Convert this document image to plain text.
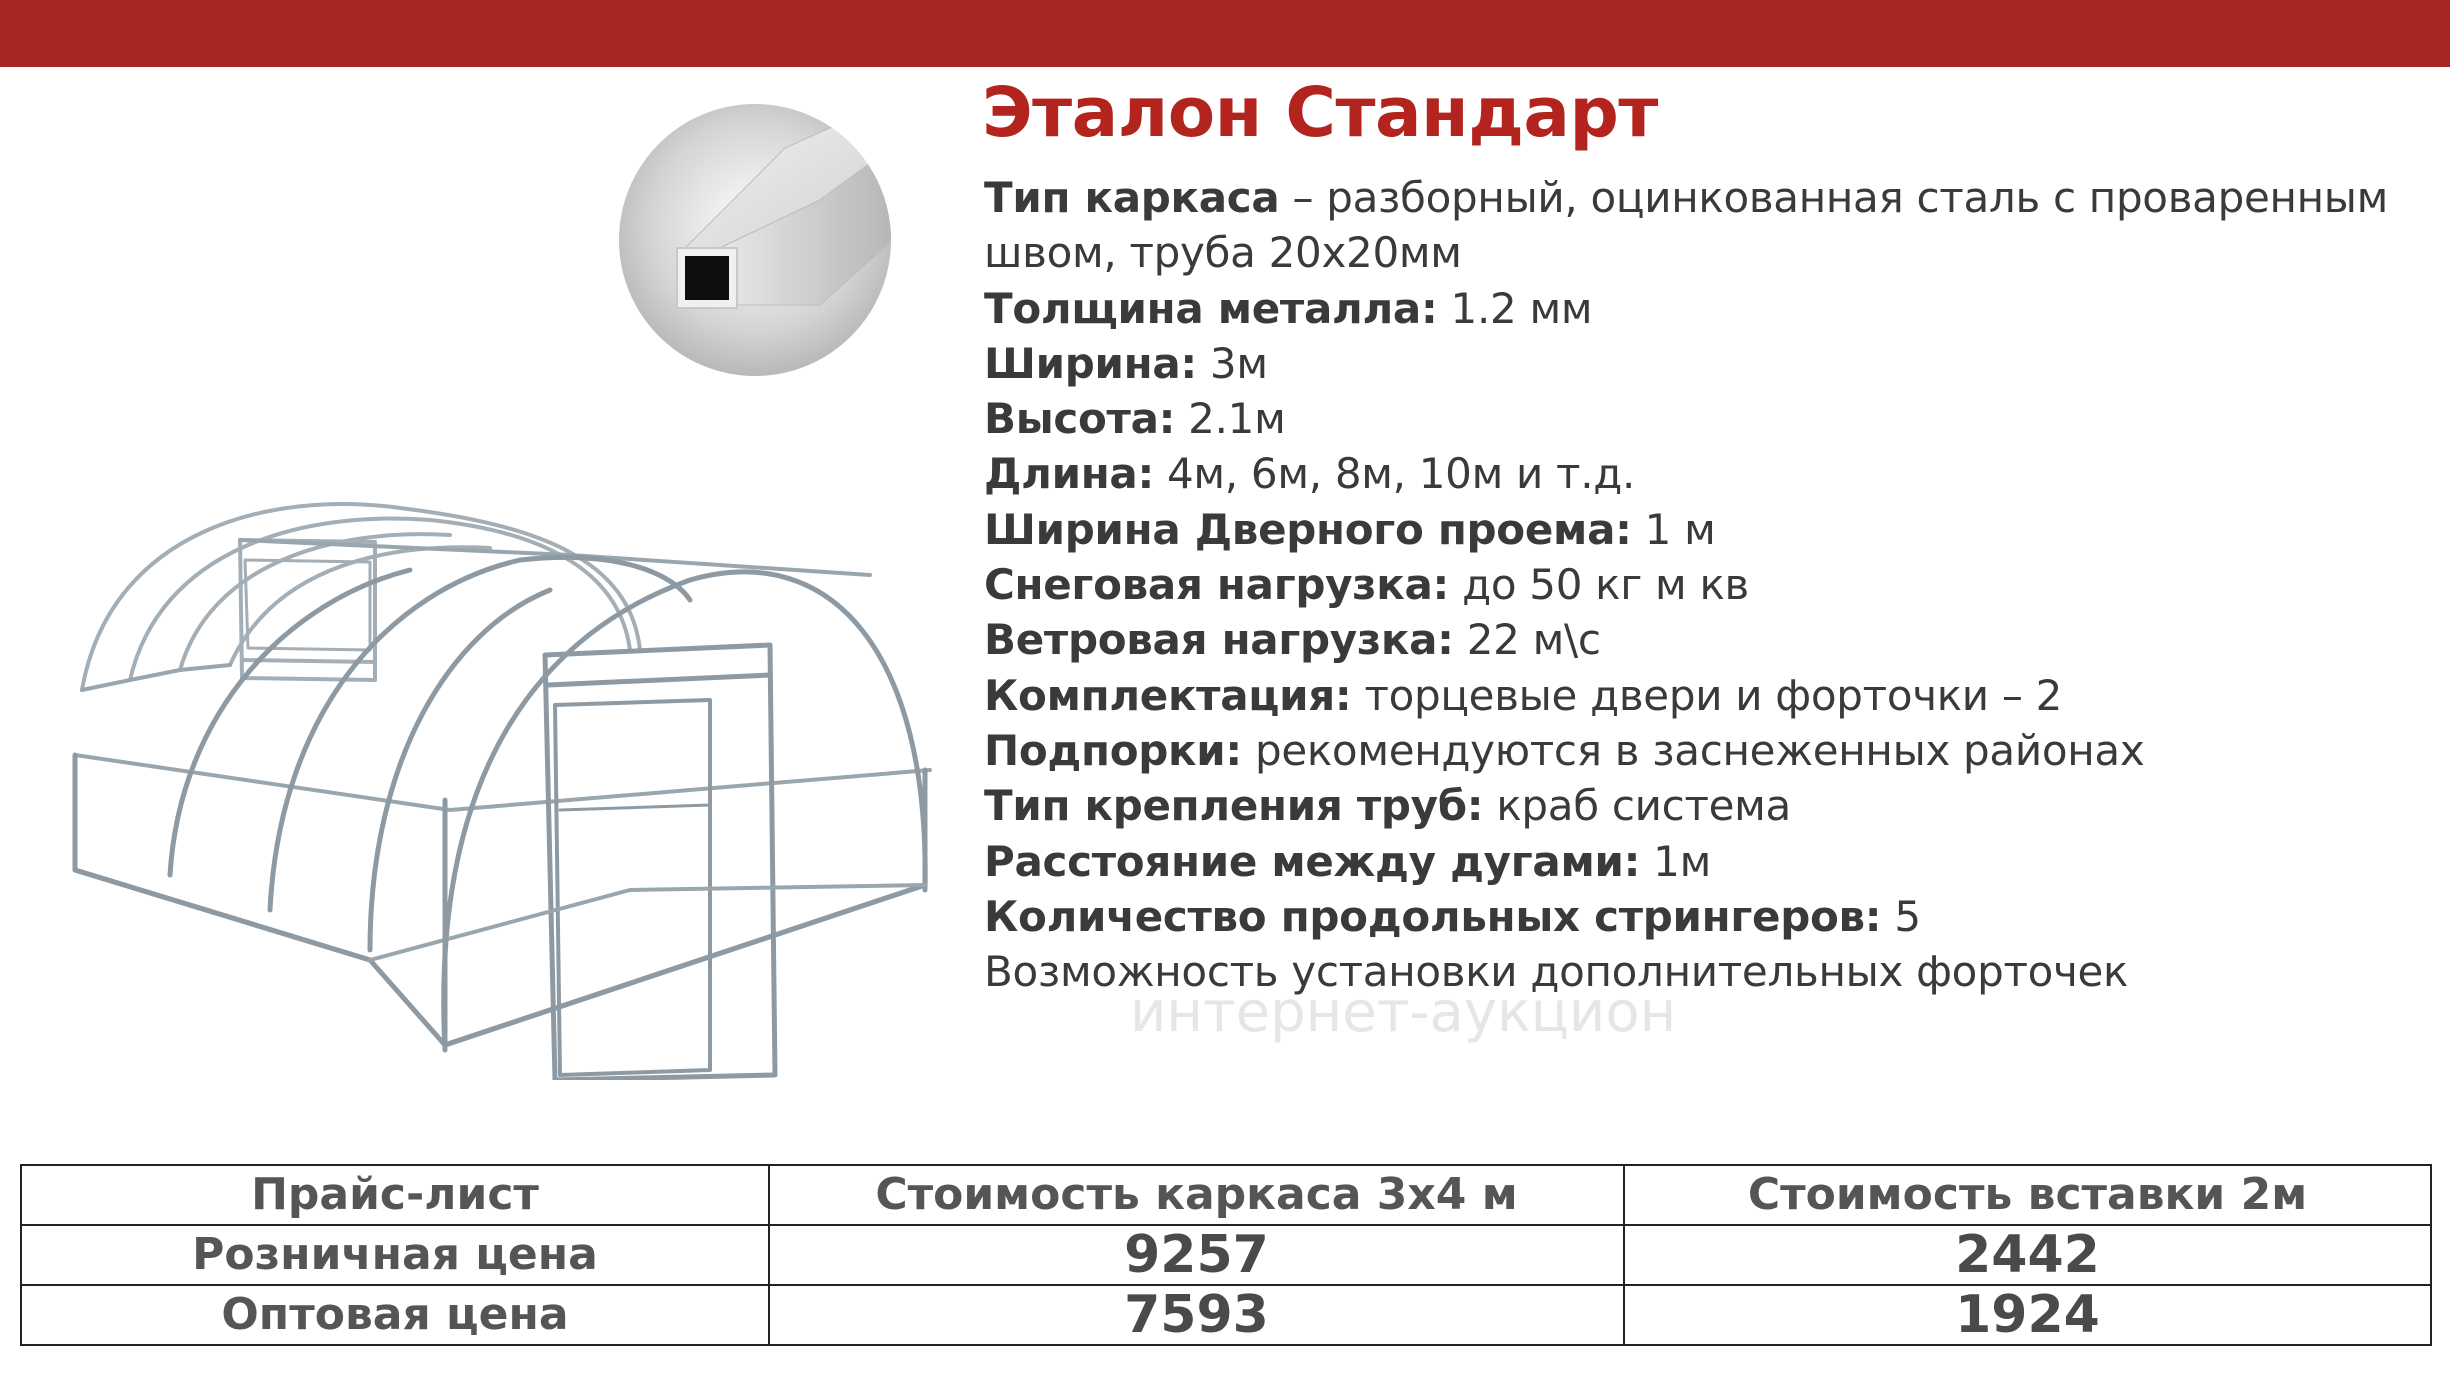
Эталон Стандарт
Тип каркаса – разборный, оцинкованная сталь с проваренным швом, труба 20х20мм
Толщина металла: 1.2 мм
Ширина: 3м
Высота: 2.1м
Длина: 4м, 6м, 8м, 10м и т.д.
Ширина Дверного проема: 1 м
Снеговая нагрузка: до 50 кг м кв
Ветровая нагрузка: 22 м\с
Комплектация: торцевые двери и форточки – 2
Подпорки: рекомендуются в заснеженных районах
Тип крепления труб: краб система
Расстояние между дугами: 1м
Количество продольных стрингеров: 5
Возможность установки дополнительных форточек
интернет-аукцион
Прайс-лист	Стоимость каркаса 3х4 м	Стоимость вставки 2м
Розничная цена	9257	2442
Оптовая цена	7593	1924
